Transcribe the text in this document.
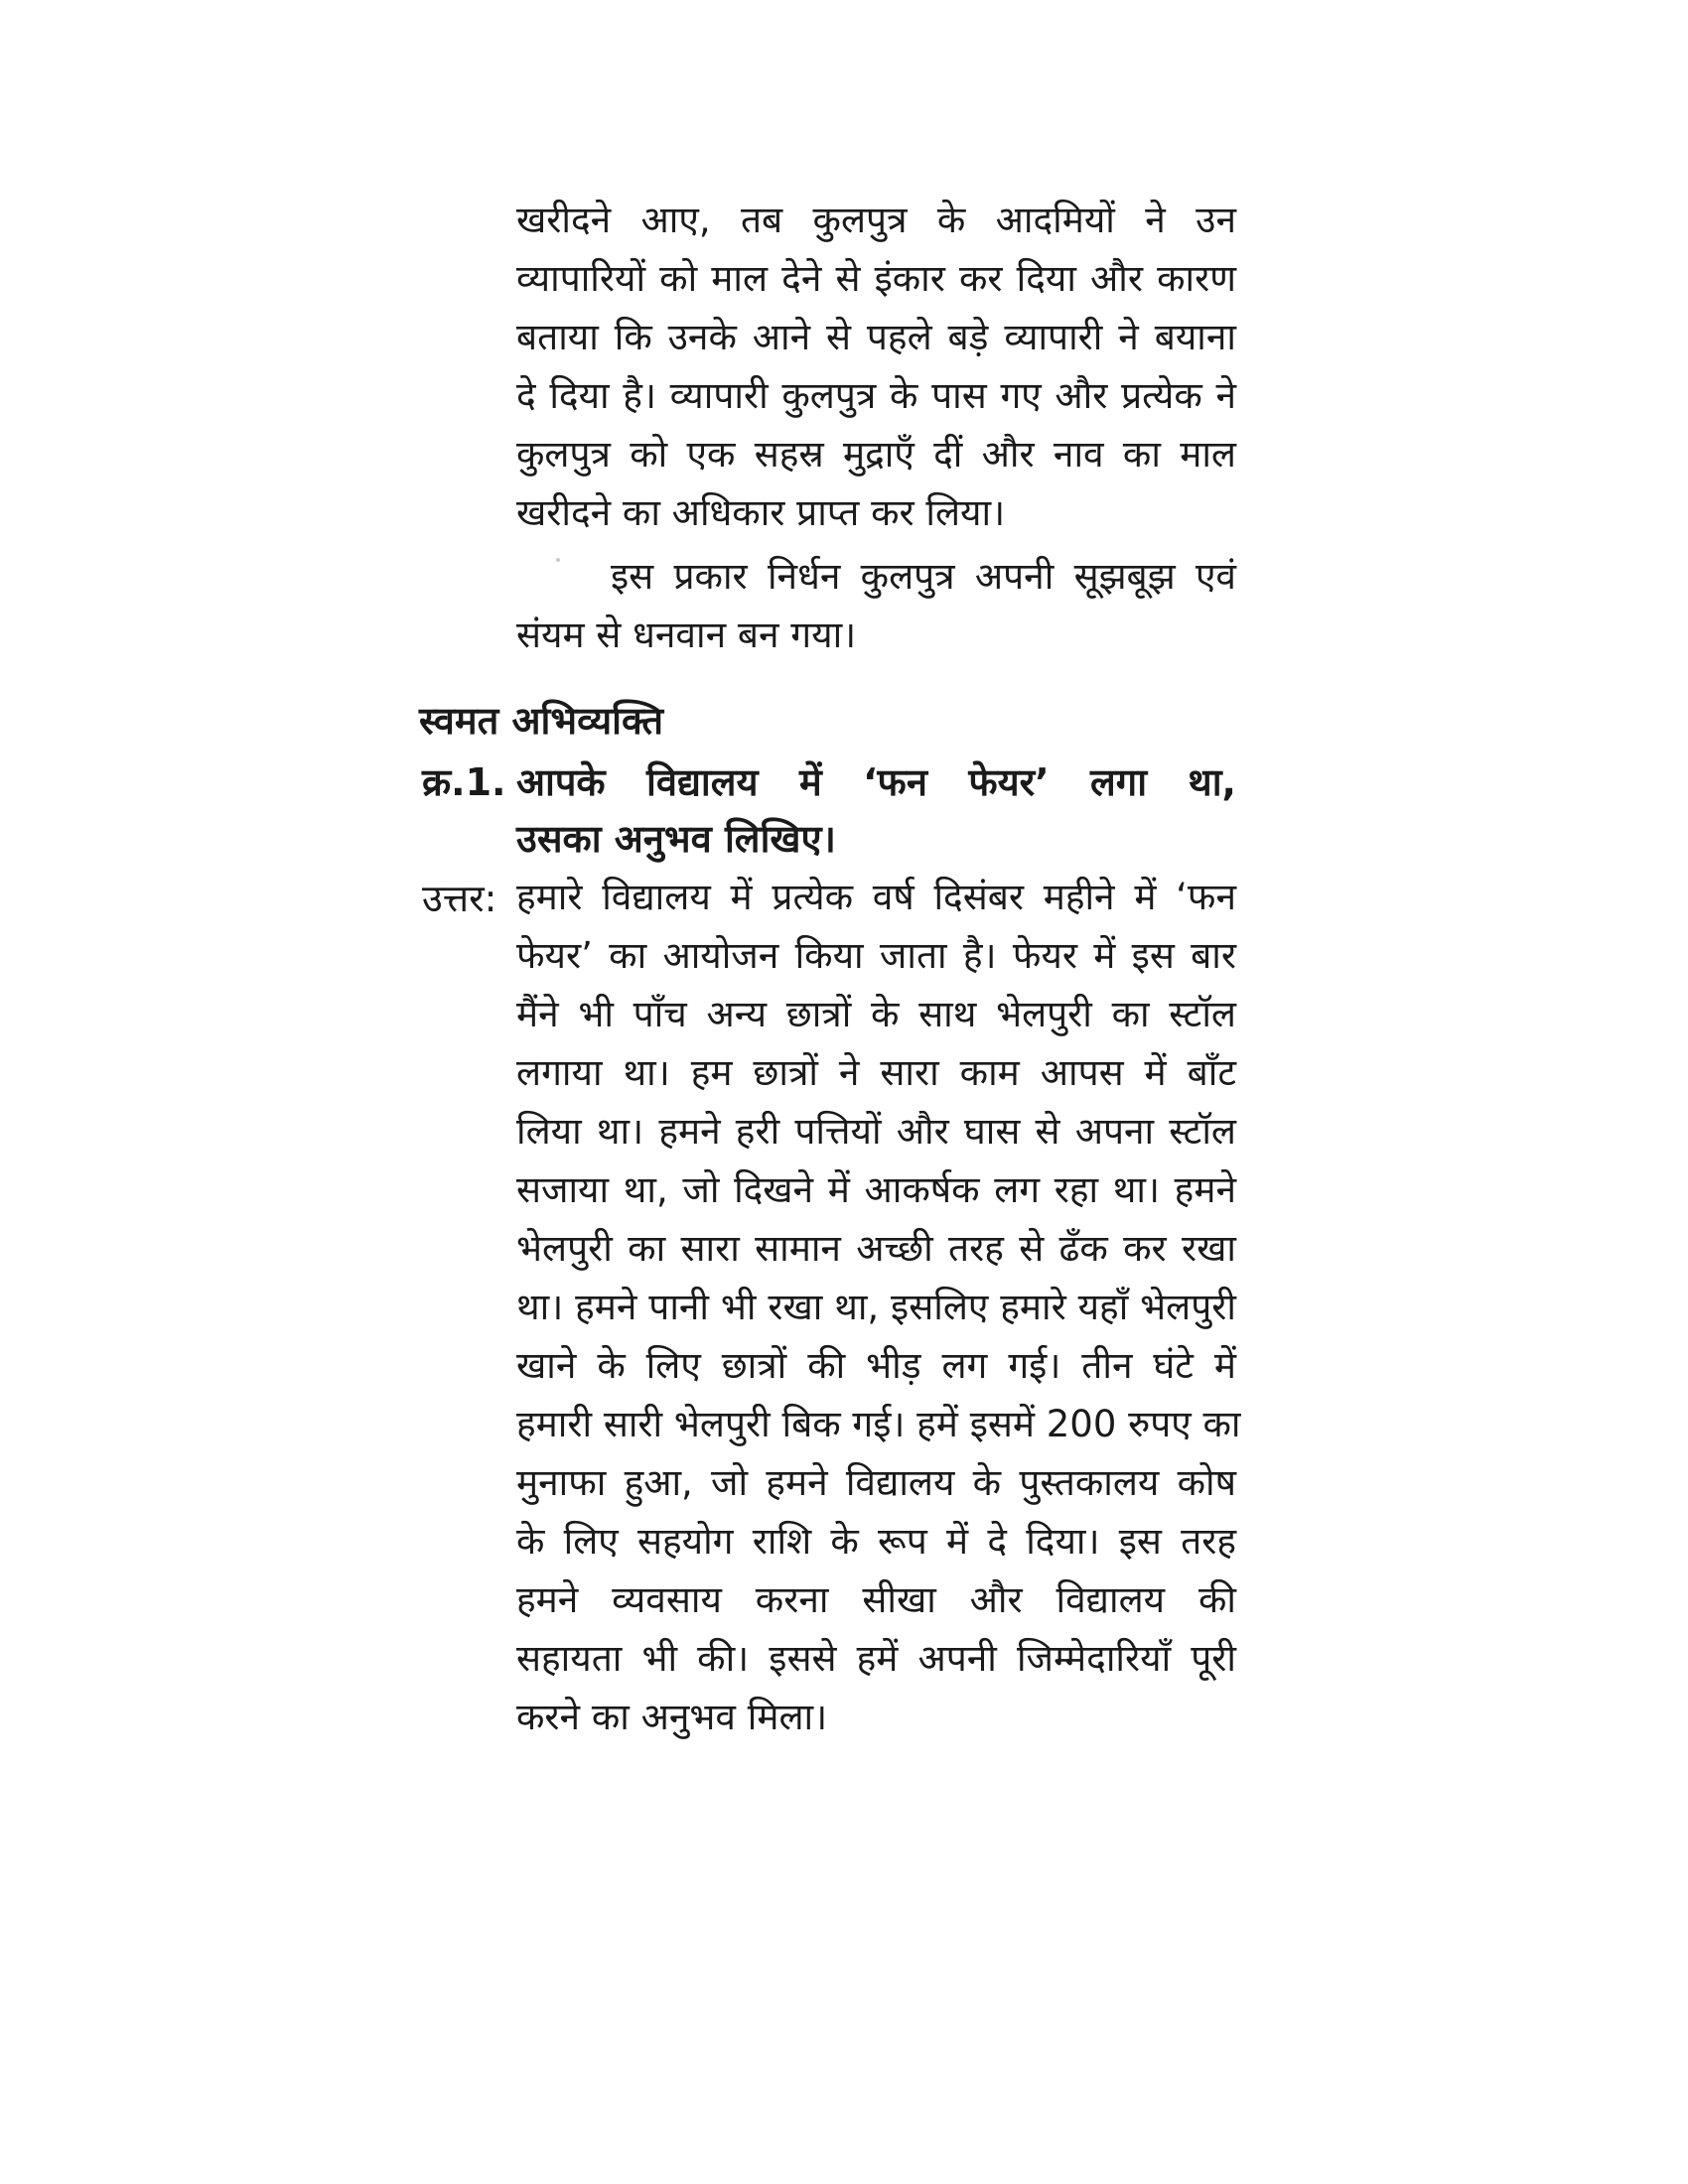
खरीदने आए, तब कुलपुत्र के आदमियों ने उन
व्यापारियों को माल देने से इंकार कर दिया और कारण
बताया कि उनके आने से पहले बड़े व्यापारी ने बयाना
दे दिया है। व्यापारी कुलपुत्र के पास गए और प्रत्येक ने
कुलपुत्र को एक सहस्र मुद्राएँ दीं और नाव का माल
खरीदने का अधिकार प्राप्त कर लिया।
इस प्रकार निर्धन कुलपुत्र अपनी सूझबूझ एवं
संयम से धनवान बन गया।
स्वमत अभिव्यक्ति
क्र.1. आपके विद्यालय में ‘फन फेयर’ लगा था,
उसका अनुभव लिखिए।
उत्तर: हमारे विद्यालय में प्रत्येक वर्ष दिसंबर महीने में ‘फन
फेयर’ का आयोजन किया जाता है। फेयर में इस बार
मैंने भी पाँच अन्य छात्रों के साथ भेलपुरी का स्टॉल
लगाया था। हम छात्रों ने सारा काम आपस में बाँट
लिया था। हमने हरी पत्तियों और घास से अपना स्टॉल
सजाया था, जो दिखने में आकर्षक लग रहा था। हमने
भेलपुरी का सारा सामान अच्छी तरह से ढँक कर रखा
था। हमने पानी भी रखा था, इसलिए हमारे यहाँ भेलपुरी
खाने के लिए छात्रों की भीड़ लग गई। तीन घंटे में
हमारी सारी भेलपुरी बिक गई। हमें इसमें 200 रुपए का
मुनाफा हुआ, जो हमने विद्यालय के पुस्तकालय कोष
के लिए सहयोग राशि के रूप में दे दिया। इस तरह
हमने व्यवसाय करना सीखा और विद्यालय की
सहायता भी की। इससे हमें अपनी जिम्मेदारियाँ पूरी
करने का अनुभव मिला।
